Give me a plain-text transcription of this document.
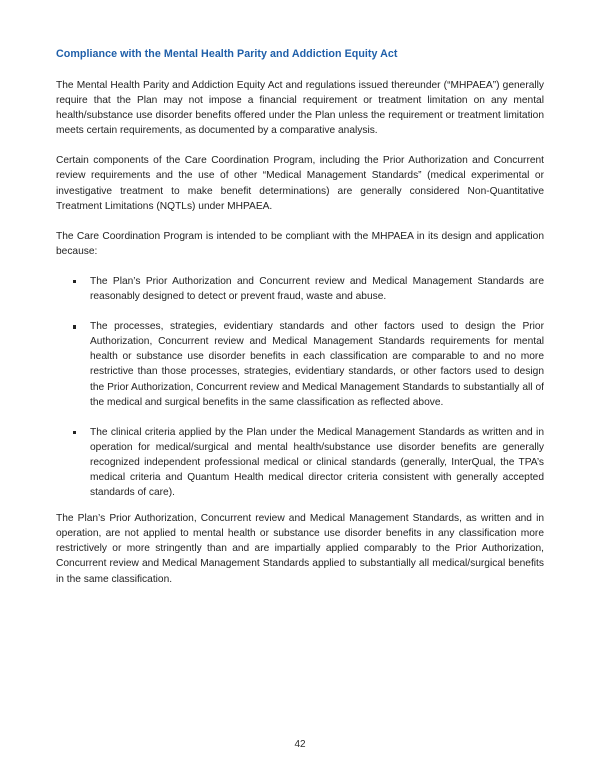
Compliance with the Mental Health Parity and Addiction Equity Act

The Mental Health Parity and Addiction Equity Act and regulations issued thereunder (“MHPAEA”) generally require that the Plan may not impose a financial requirement or treatment limitation on any mental health/substance use disorder benefits offered under the Plan unless the requirement or treatment limitation meets certain requirements, as documented by a comparative analysis.

Certain components of the Care Coordination Program, including the Prior Authorization and Concurrent review requirements and the use of other “Medical Management Standards” (medical experimental or investigative treatment to make benefit determinations) are generally considered Non-Quantitative Treatment Limitations (NQTLs) under MHPAEA.

The Care Coordination Program is intended to be compliant with the MHPAEA in its design and application because:

The Plan’s Prior Authorization and Concurrent review and Medical Management Standards are reasonably designed to detect or prevent fraud, waste and abuse.
The processes, strategies, evidentiary standards and other factors used to design the Prior Authorization, Concurrent review and Medical Management Standards requirements for mental health or substance use disorder benefits in each classification are comparable to and no more restrictive than those processes, strategies, evidentiary standards, or other factors used to design the Prior Authorization, Concurrent review and Medical Management Standards to substantially all of the medical and surgical benefits in the same classification as reflected above.
The clinical criteria applied by the Plan under the Medical Management Standards as written and in operation for medical/surgical and mental health/substance use disorder benefits are generally recognized independent professional medical or clinical standards (generally, InterQual, the TPA’s medical criteria and Quantum Health medical director criteria consistent with generally accepted standards of care).

The Plan’s Prior Authorization, Concurrent review and Medical Management Standards, as written and in operation, are not applied to mental health or substance use disorder benefits in any classification more restrictively or more stringently than and are impartially applied comparably to the Prior Authorization, Concurrent review and Medical Management Standards applied to substantially all medical/surgical benefits in the same classification.

42
